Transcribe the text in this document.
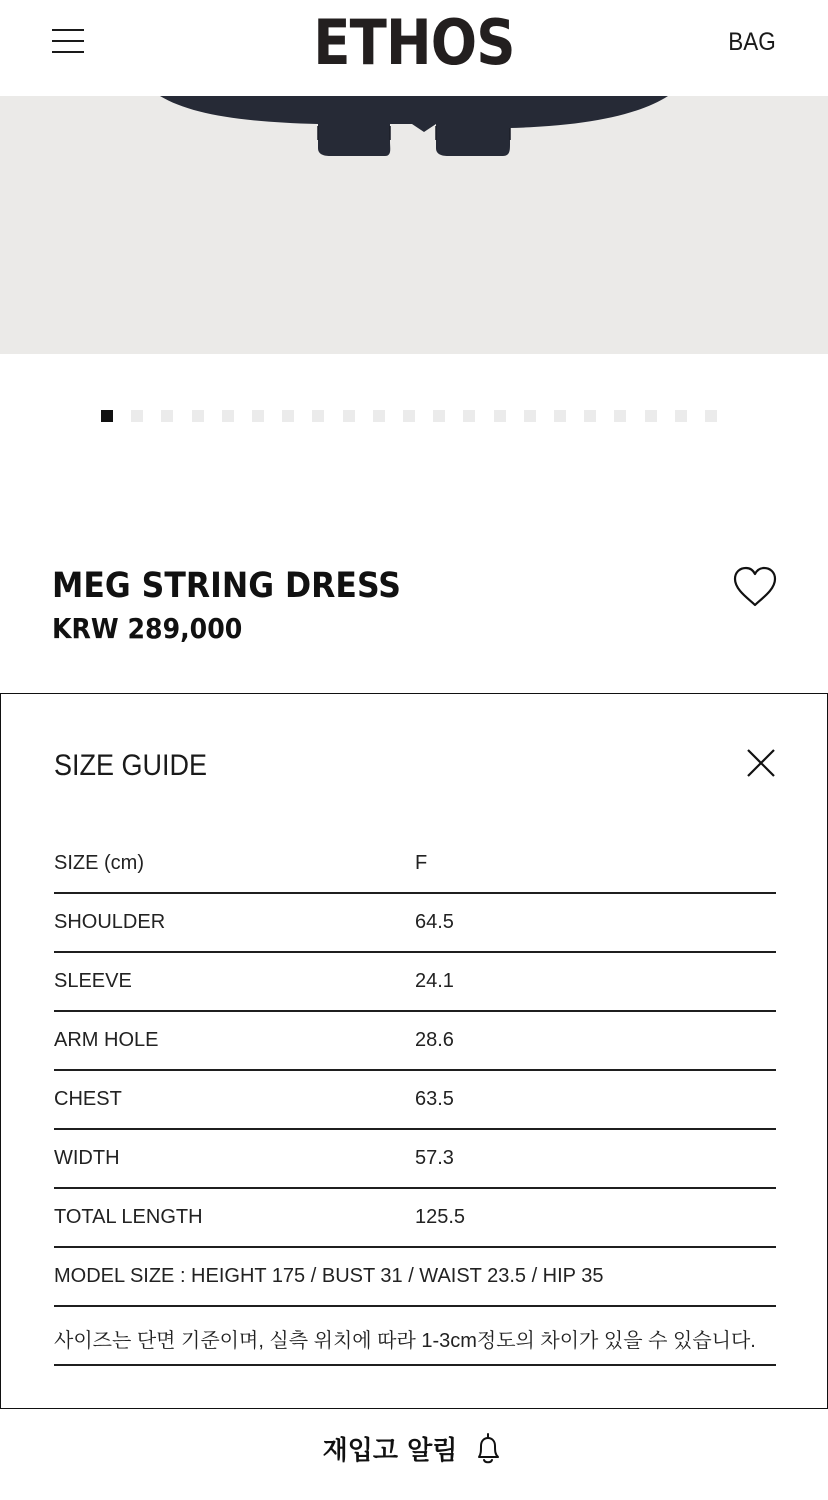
ETHOS	BAG
MEG STRING DRESS
KRW 289,000
SIZE GUIDE
SIZE (cm)	F
SHOULDER	64.5
SLEEVE	24.1
ARM HOLE	28.6
CHEST	63.5
WIDTH	57.3
TOTAL LENGTH	125.5
MODEL SIZE : HEIGHT 175 / BUST 31 / WAIST 23.5 / HIP 35
사이즈는 단면 기준이며, 실측 위치에 따라 1-3cm정도의 차이가 있을 수 있습니다.
재입고 알림
